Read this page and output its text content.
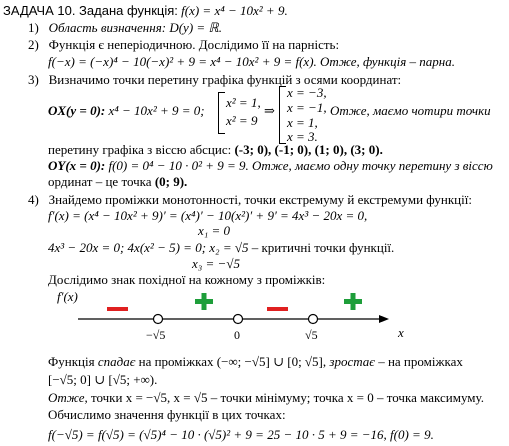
ЗАДАЧА 10. Задана функція: f(x) = x⁴ − 10x² + 9.
1) Область визначення: D(y) = ℝ.
2) Функція є неперіодичною. Дослідимо її на парність:
f(−x) = (−x)⁴ − 10(−x)² + 9 = x⁴ − 10x² + 9 = f(x). Отже, функція – парна.
3) Визначимо точки перетину графіка функцій з осями координат:
OX(y = 0): x⁴ − 10x² + 9 = 0;
x² = 1,
x² = 9
⇒
x = −3,
x = −1,
x = 1,
x = 3.
Отже, маємо чотири точки
перетину графіка з віссю абсцис: (-3; 0), (-1; 0), (1; 0), (3; 0).
OY(x = 0): f(0) = 0⁴ − 10 · 0² + 9 = 9. Отже, маємо одну точку перетину з віссю
ординат – це точка (0; 9).
4) Знайдемо проміжки монотонності, точки екстремуму й екстремуми функції:
f′(x) = (x⁴ − 10x² + 9)′ = (x⁴)′ − 10(x²)′ + 9′ = 4x³ − 20x = 0,
x₁ = 0
4x³ − 20x = 0; 4x(x² − 5) = 0; x₂ = √5 – критичні точки функції.
x₃ = −√5
Дослідимо знак похідної на кожному з проміжків:
f′(x)
x
−√5	0	√5
Функція спадає на проміжках (−∞; −√5] ∪ [0; √5], зростає – на проміжках
[−√5; 0] ∪ [√5; +∞).
Отже, точки x = −√5, x = √5 – точки мінімуму; точка x = 0 – точка максимуму.
Обчислимо значення функції в цих точках:
f(−√5) = f(√5) = (√5)⁴ − 10 · (√5)² + 9 = 25 − 10 · 5 + 9 = −16, f(0) = 9.
